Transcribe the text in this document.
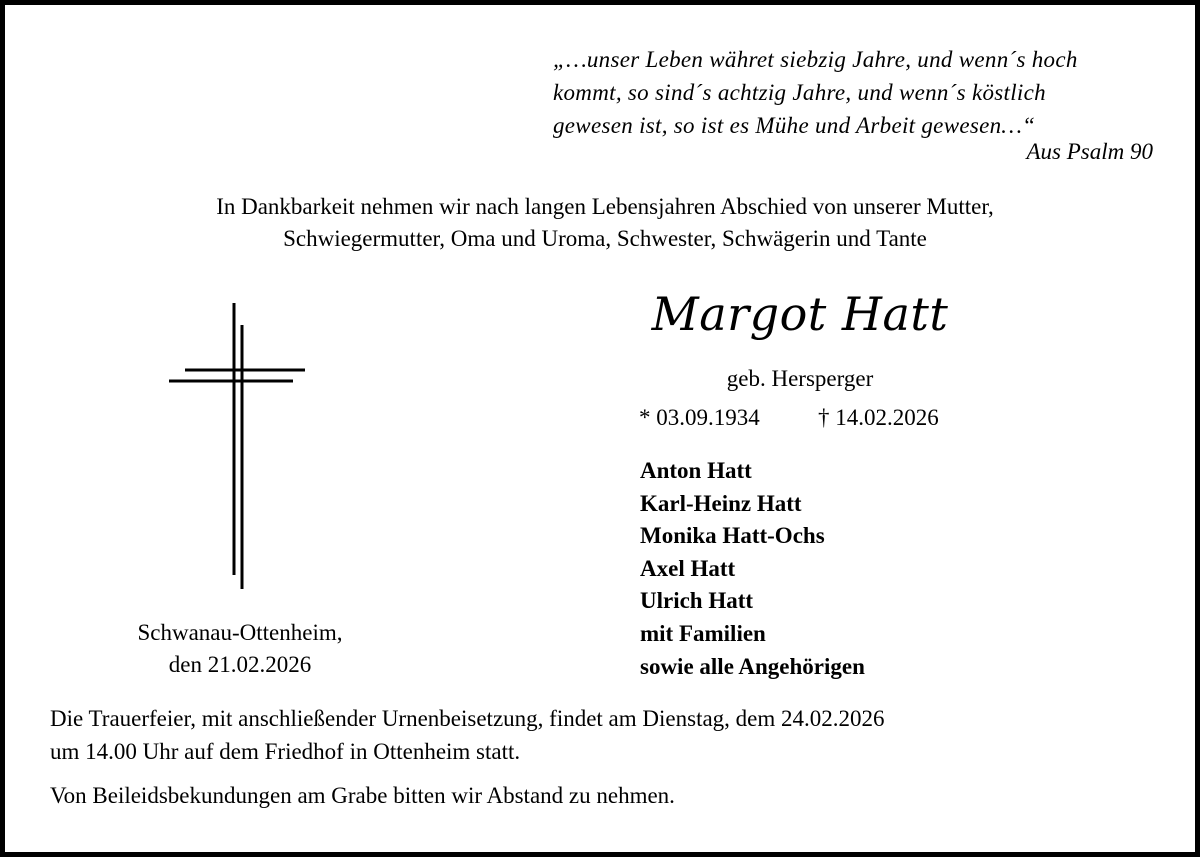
„…unser Leben währet siebzig Jahre, und wenn´s hoch
kommt, so sind´s achtzig Jahre, und wenn´s köstlich
gewesen ist, so ist es Mühe und Arbeit gewesen…“
Aus Psalm 90
In Dankbarkeit nehmen wir nach langen Lebensjahren Abschied von unserer Mutter,
Schwiegermutter, Oma und Uroma, Schwester, Schwägerin und Tante
Margot Hatt
geb. Hersperger
* 03.09.1934	† 14.02.2026
Anton Hatt
Karl-Heinz Hatt
Monika Hatt-Ochs
Axel Hatt
Ulrich Hatt
mit Familien
sowie alle Angehörigen
Schwanau-Ottenheim,
den 21.02.2026
Die Trauerfeier, mit anschließender Urnenbeisetzung, findet am Dienstag, dem 24.02.2026
um 14.00 Uhr auf dem Friedhof in Ottenheim statt.
Von Beileidsbekundungen am Grabe bitten wir Abstand zu nehmen.
